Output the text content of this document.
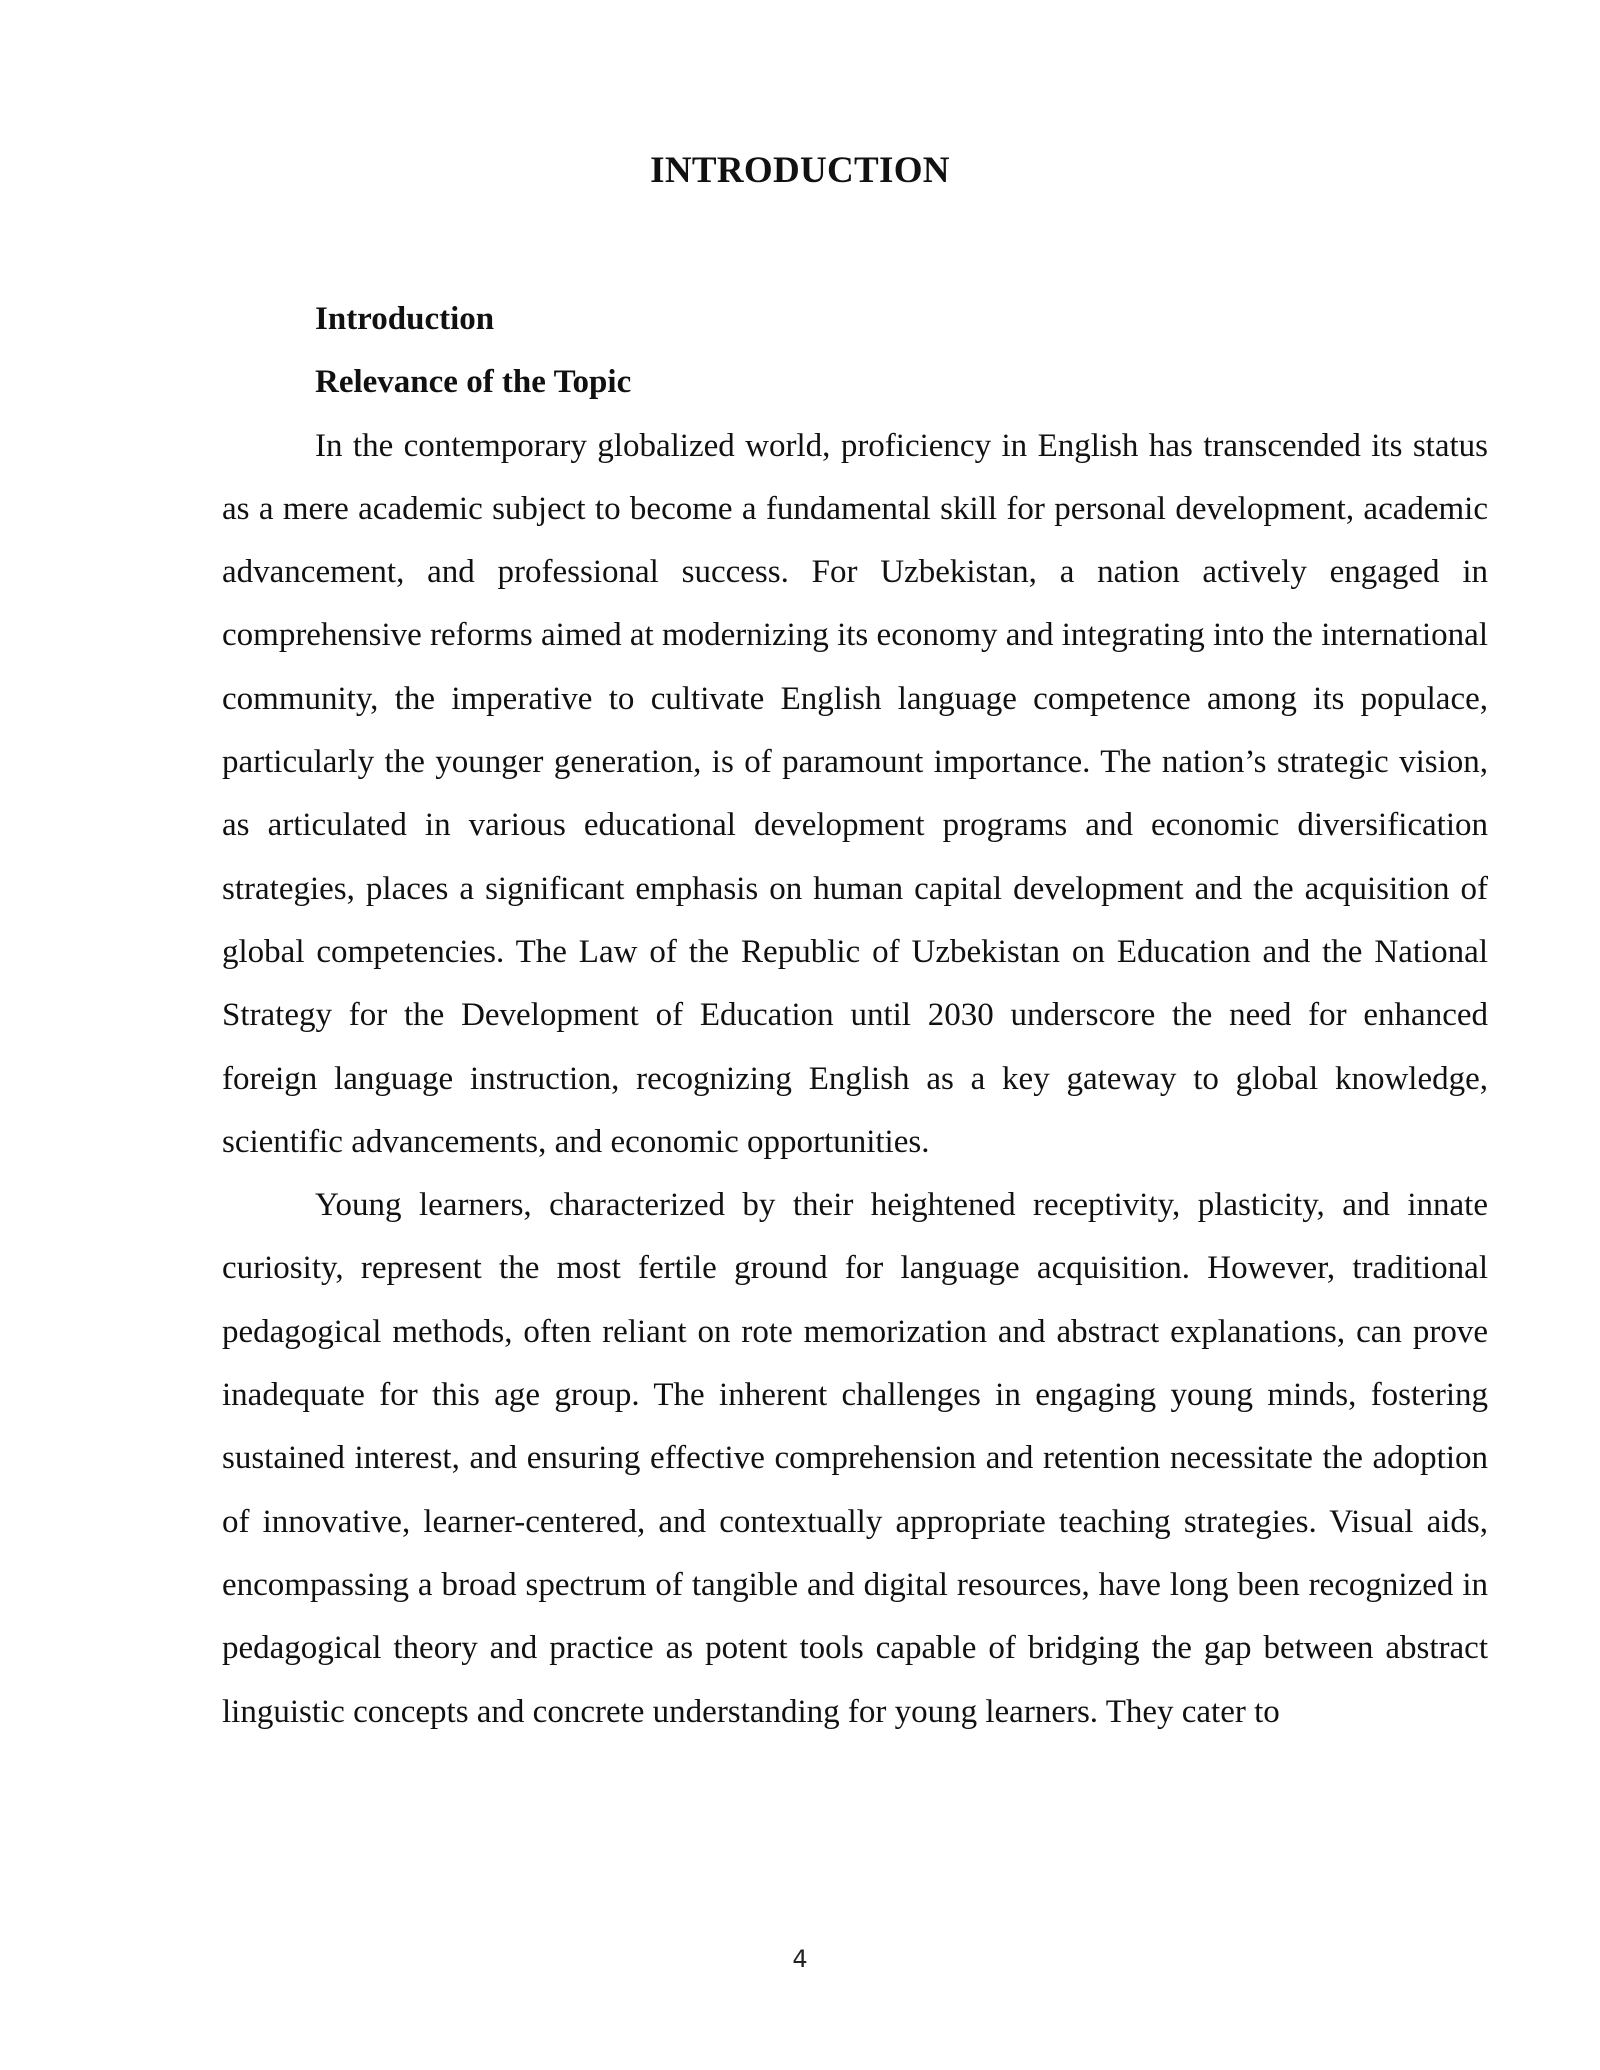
INTRODUCTION
Introduction
Relevance of the Topic

In the contemporary globalized world, proficiency in English has transcended its status as a mere academic subject to become a fundamental skill for personal development, academic advancement, and professional success. For Uzbekistan, a nation actively engaged in comprehensive reforms aimed at modernizing its economy and integrating into the international community, the imperative to cultivate English language competence among its populace, particularly the younger generation, is of paramount importance. The nation’s strategic vision, as articulated in various educational development programs and economic diversification strategies, places a significant emphasis on human capital development and the acquisition of global competencies. The Law of the Republic of Uzbekistan on Education and the National Strategy for the Development of Education until 2030 underscore the need for enhanced foreign language instruction, recognizing English as a key gateway to global knowledge, scientific advancements, and economic opportunities.

Young learners, characterized by their heightened receptivity, plasticity, and innate curiosity, represent the most fertile ground for language acquisition. However, traditional pedagogical methods, often reliant on rote memorization and abstract explanations, can prove inadequate for this age group. The inherent challenges in engaging young minds, fostering sustained interest, and ensuring effective comprehension and retention necessitate the adoption of innovative, learner-centered, and contextually appropriate teaching strategies. Visual aids, encompassing a broad spectrum of tangible and digital resources, have long been recognized in pedagogical theory and practice as potent tools capable of bridging the gap between abstract linguistic concepts and concrete understanding for young learners. They cater to

4
